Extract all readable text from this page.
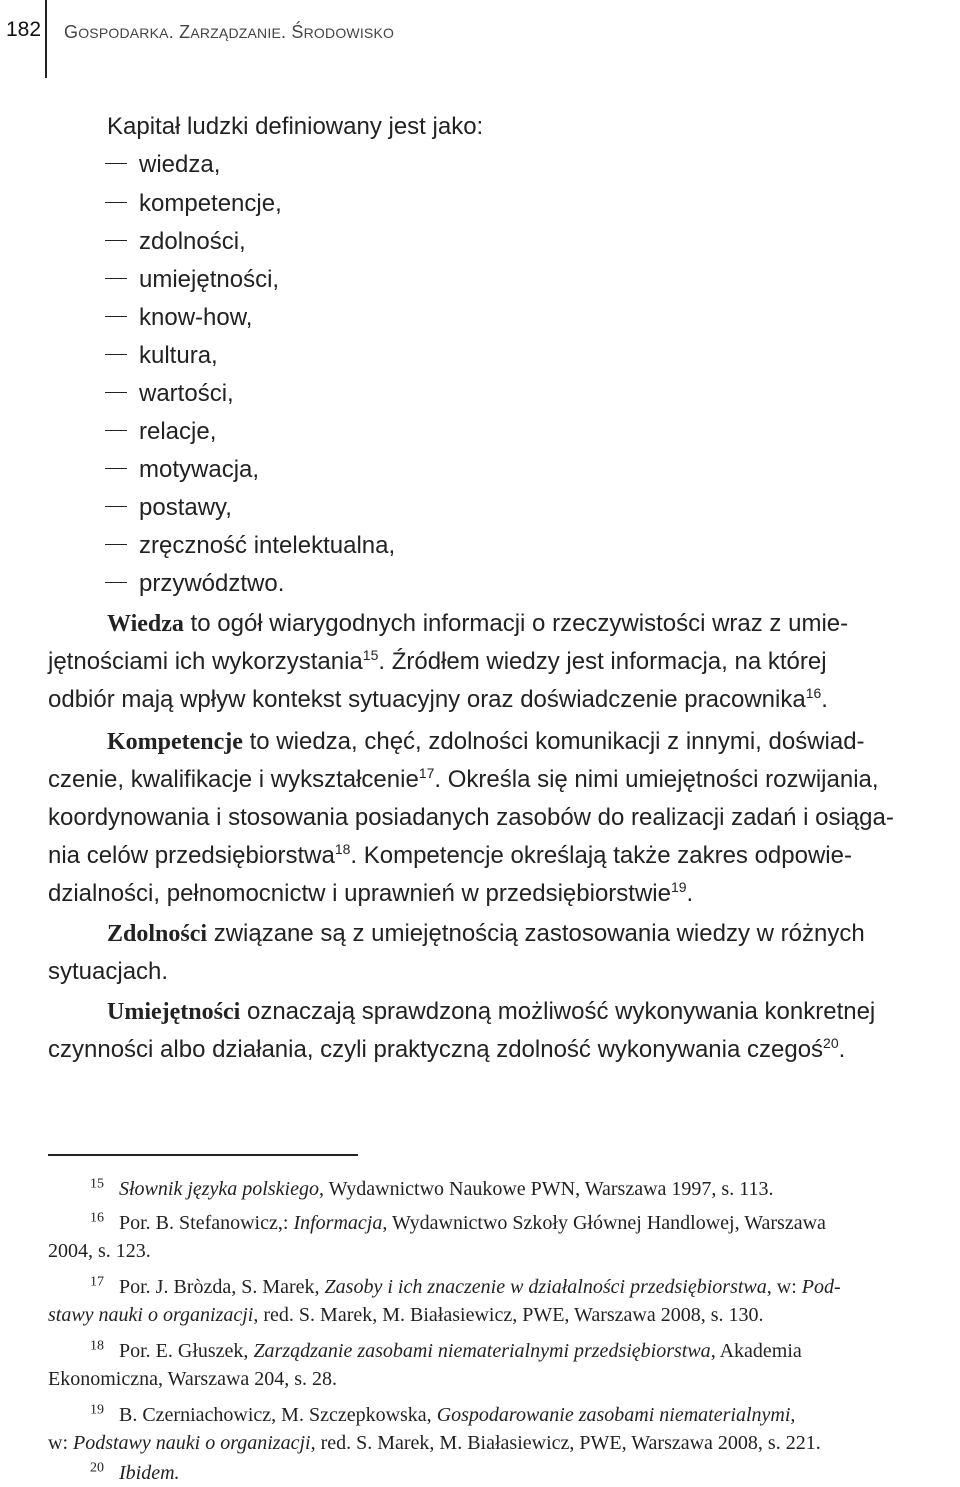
182 GOSPODARKA. ZARZĄDZANIE. ŚRODOWISKO
Kapitał ludzki definiowany jest jako:
wiedza,
kompetencje,
zdolności,
umiejętności,
know-how,
kultura,
wartości,
relacje,
motywacja,
postawy,
zręczność intelektualna,
przywództwo.
Wiedza to ogół wiarygodnych informacji o rzeczywistości wraz z umie-
jętnościami ich wykorzystania$^{15}$. Źródłem wiedzy jest informacja, na której
odbiór mają wpływ kontekst sytuacyjny oraz doświadczenie pracownika$^{16}$.
Kompetencje to wiedza, chęć, zdolności komunikacji z innymi, doświad-
czenie, kwalifikacje i wykształcenie$^{17}$. Określa się nimi umiejętności rozwijania,
koordynowania i stosowania posiadanych zasobów do realizacji zadań i osiąga-
nia celów przedsiębiorstwa$^{18}$. Kompetencje określają także zakres odpowie-
dzialności, pełnomocnictw i uprawnień w przedsiębiorstwie$^{19}$.
Zdolności związane są z umiejętnością zastosowania wiedzy w różnych
sytuacjach.
Umiejętności oznaczają sprawdzoną możliwość wykonywania konkretnej
czynności albo działania, czyli praktyczną zdolność wykonywania czegoś$^{20}$.
$^{15}$ Słownik języka polskiego, Wydawnictwo Naukowe PWN, Warszawa 1997, s. 113.
$^{16}$ Por. B. Stefanowicz,: Informacja, Wydawnictwo Szkoły Głównej Handlowej, Warszawa
2004, s. 123.
$^{17}$ Por. J. Bròzda, S. Marek, Zasoby i ich znaczenie w działalności przedsiębiorstwa, w: Pod-
stawy nauki o organizacji, red. S. Marek, M. Białasiewicz, PWE, Warszawa 2008, s. 130.
$^{18}$ Por. E. Głuszek, Zarządzanie zasobami niematerialnymi przedsiębiorstwa, Akademia
Ekonomiczna, Warszawa 204, s. 28.
$^{19}$ B. Czerniachowicz, M. Szczepkowska, Gospodarowanie zasobami niematerialnymi,
w: Podstawy nauki o organizacji, red. S. Marek, M. Białasiewicz, PWE, Warszawa 2008, s. 221.
$^{20}$ Ibidem.
